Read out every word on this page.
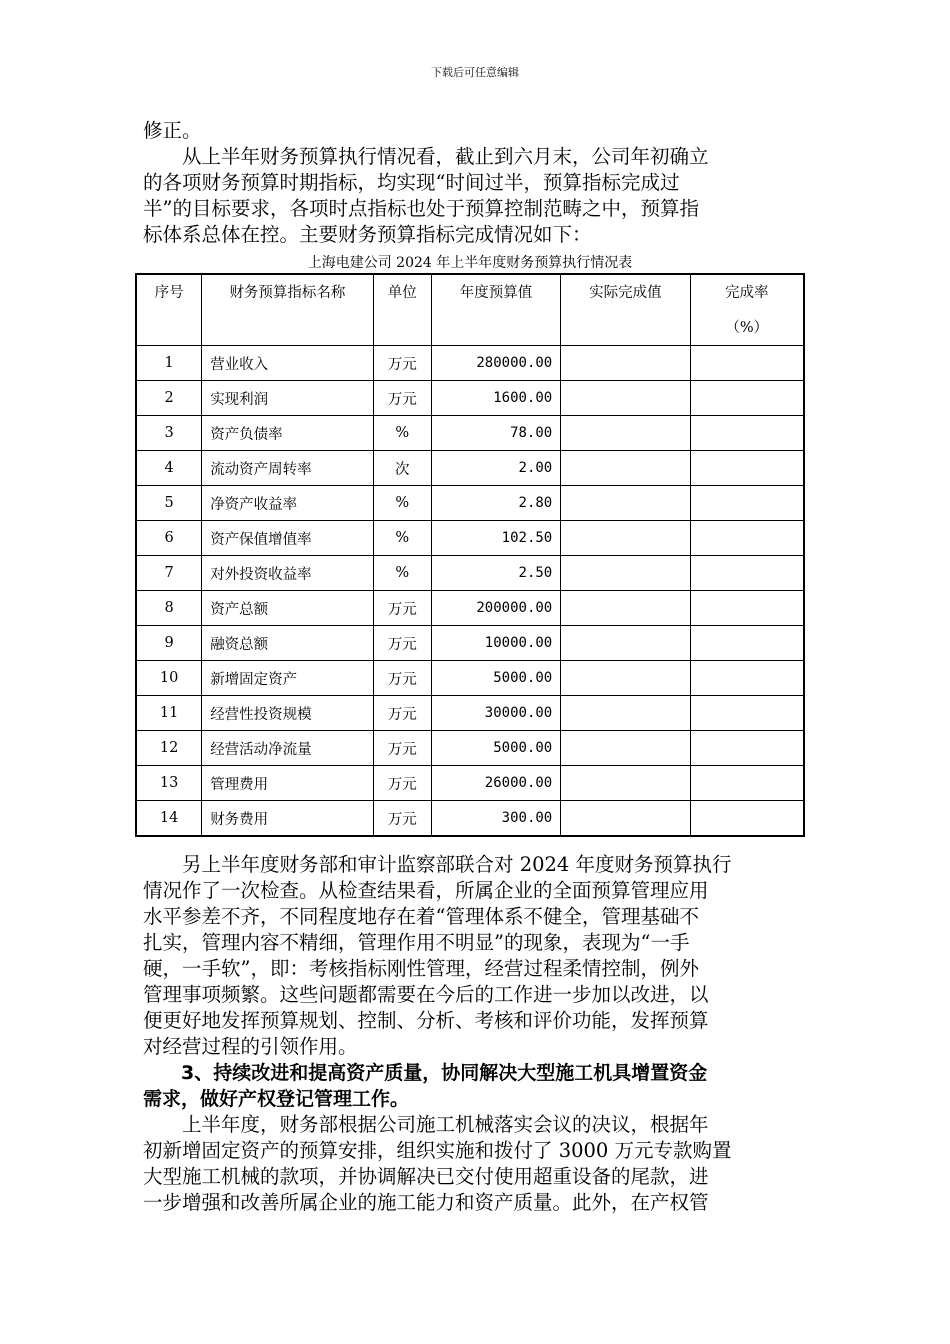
下载后可任意编辑
修正。
　　从上半年财务预算执行情况看，截止到六月末，公司年初确立
的各项财务预算时期指标，均实现“时间过半，预算指标完成过
半”的目标要求，各项时点指标也处于预算控制范畴之中，预算指
标体系总体在控。主要财务预算指标完成情况如下：
上海电建公司 2024 年上半年度财务预算执行情况表
序号	财务预算指标名称	单位	年度预算值	实际完成值	完成率
（%）

1	营业收入	万元	280000.00		
2	实现利润	万元	1600.00		
3	资产负债率	%	78.00		
4	流动资产周转率	次	2.00		
5	净资产收益率	%	2.80		
6	资产保值增值率	%	102.50		
7	对外投资收益率	%	2.50		
8	资产总额	万元	200000.00		
9	融资总额	万元	10000.00		
10	新增固定资产	万元	5000.00		
11	经营性投资规模	万元	30000.00		
12	经营活动净流量	万元	5000.00		
13	管理费用	万元	26000.00		
14	财务费用	万元	300.00		
　　另上半年度财务部和审计监察部联合对 2024 年度财务预算执行
情况作了一次检查。从检查结果看，所属企业的全面预算管理应用
水平参差不齐，不同程度地存在着“管理体系不健全，管理基础不
扎实，管理内容不精细，管理作用不明显”的现象，表现为“一手
硬，一手软”，即：考核指标刚性管理，经营过程柔情控制，例外
管理事项频繁。这些问题都需要在今后的工作进一步加以改进，以
便更好地发挥预算规划、控制、分析、考核和评价功能，发挥预算
对经营过程的引领作用。
　　3、持续改进和提高资产质量，协同解决大型施工机具增置资金
需求，做好产权登记管理工作。
　　上半年度，财务部根据公司施工机械落实会议的决议，根据年
初新增固定资产的预算安排，组织实施和拨付了 3000 万元专款购置
大型施工机械的款项，并协调解决已交付使用超重设备的尾款，进
一步增强和改善所属企业的施工能力和资产质量。此外，在产权管
